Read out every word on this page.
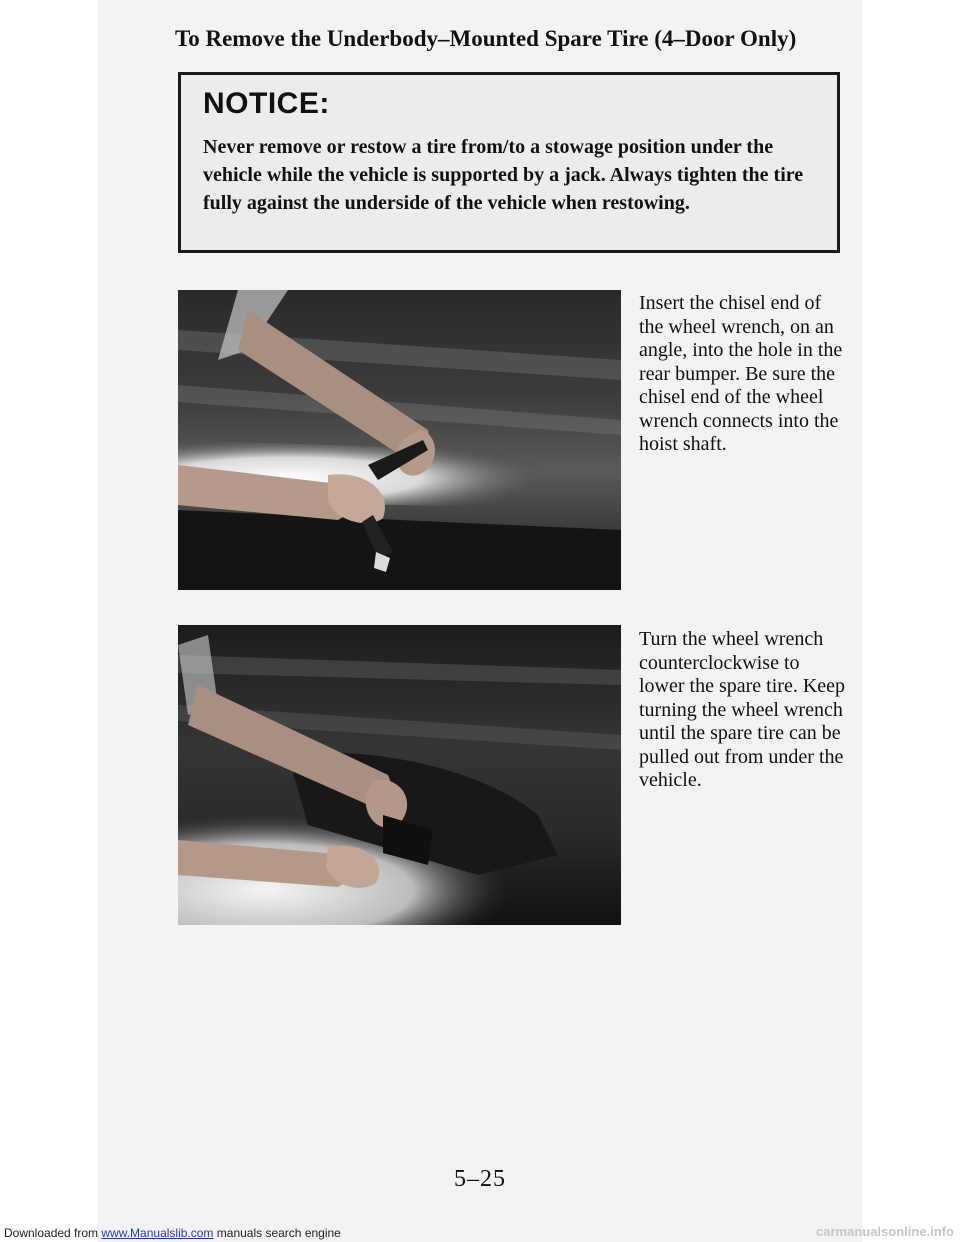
To Remove the Underbody–Mounted Spare Tire (4–Door Only)
NOTICE:
Never remove or restow a tire from/to a stowage position under the vehicle while the vehicle is supported by a jack. Always tighten the tire fully against the underside of the vehicle when restowing.
Insert the chisel end of the wheel wrench, on an angle, into the hole in the rear bumper. Be sure the chisel end of the wheel wrench connects into the hoist shaft.
Turn the wheel wrench counterclockwise to lower the spare tire. Keep turning the wheel wrench until the spare tire can be pulled out from under the vehicle.
5–25
Downloaded from www.Manualslib.com manuals search engine	carmanualsonline.info
